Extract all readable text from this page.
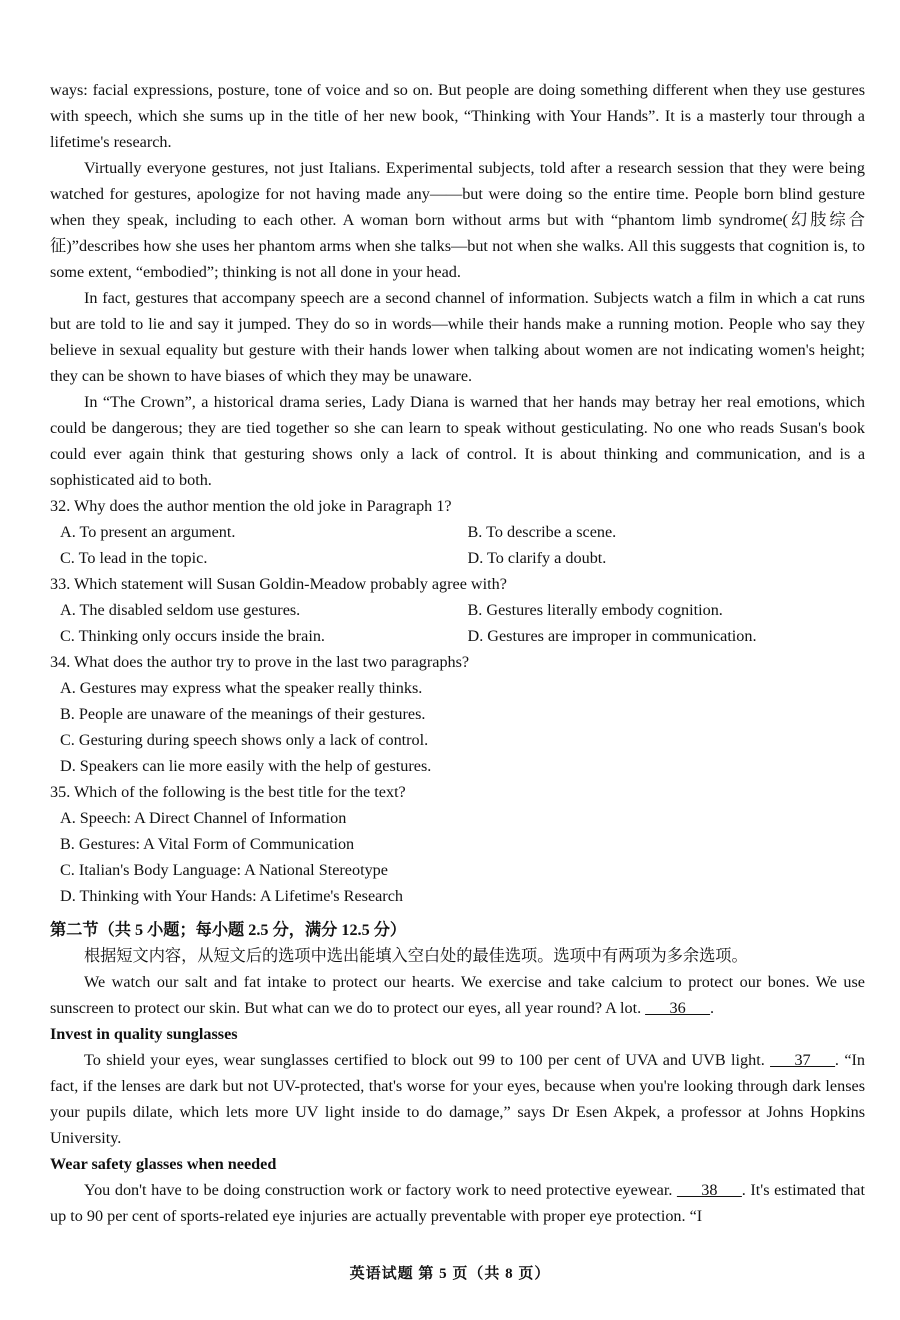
ways: facial expressions, posture, tone of voice and so on. But people are doing something different when they use gestures with speech, which she sums up in the title of her new book, “Thinking with Your Hands”. It is a masterly tour through a lifetime's research.

Virtually everyone gestures, not just Italians. Experimental subjects, told after a research session that they were being watched for gestures, apologize for not having made any——but were doing so the entire time. People born blind gesture when they speak, including to each other. A woman born without arms but with “phantom limb syndrome(幻肢综合征)”describes how she uses her phantom arms when she talks—but not when she walks. All this suggests that cognition is, to some extent, “embodied”; thinking is not all done in your head.

In fact, gestures that accompany speech are a second channel of information. Subjects watch a film in which a cat runs but are told to lie and say it jumped. They do so in words—while their hands make a running motion. People who say they believe in sexual equality but gesture with their hands lower when talking about women are not indicating women's height; they can be shown to have biases of which they may be unaware.

In “The Crown”, a historical drama series, Lady Diana is warned that her hands may betray her real emotions, which could be dangerous; they are tied together so she can learn to speak without gesticulating. No one who reads Susan's book could ever again think that gesturing shows only a lack of control. It is about thinking and communication, and is a sophisticated aid to both.

32. Why does the author mention the old joke in Paragraph 1?

A. To present an argument.	B. To describe a scene.
C. To lead in the topic.	D. To clarify a doubt.

33. Which statement will Susan Goldin-Meadow probably agree with?

A. The disabled seldom use gestures.	B. Gestures literally embody cognition.
C. Thinking only occurs inside the brain.	D. Gestures are improper in communication.

34. What does the author try to prove in the last two paragraphs?

A. Gestures may express what the speaker really thinks.
B. People are unaware of the meanings of their gestures.
C. Gesturing during speech shows only a lack of control.
D. Speakers can lie more easily with the help of gestures.

35. Which of the following is the best title for the text?

A. Speech: A Direct Channel of Information
B. Gestures: A Vital Form of Communication
C. Italian's Body Language: A National Stereotype
D. Thinking with Your Hands: A Lifetime's Research

第二节（共 5 小题；每小题 2.5 分，满分 12.5 分）

根据短文内容，从短文后的选项中选出能填入空白处的最佳选项。选项中有两项为多余选项。

We watch our salt and fat intake to protect our hearts. We exercise and take calcium to protect our bones. We use sunscreen to protect our skin. But what can we do to protect our eyes, all year round? A lot. ___36___.

Invest in quality sunglasses

To shield your eyes, wear sunglasses certified to block out 99 to 100 per cent of UVA and UVB light. ___37___. “In fact, if the lenses are dark but not UV-protected, that's worse for your eyes, because when you're looking through dark lenses your pupils dilate, which lets more UV light inside to do damage,” says Dr Esen Akpek, a professor at Johns Hopkins University.

Wear safety glasses when needed

You don't have to be doing construction work or factory work to need protective eyewear. ___38___. It's estimated that up to 90 per cent of sports-related eye injuries are actually preventable with proper eye protection. “I

英语试题 第 5 页（共 8 页）
